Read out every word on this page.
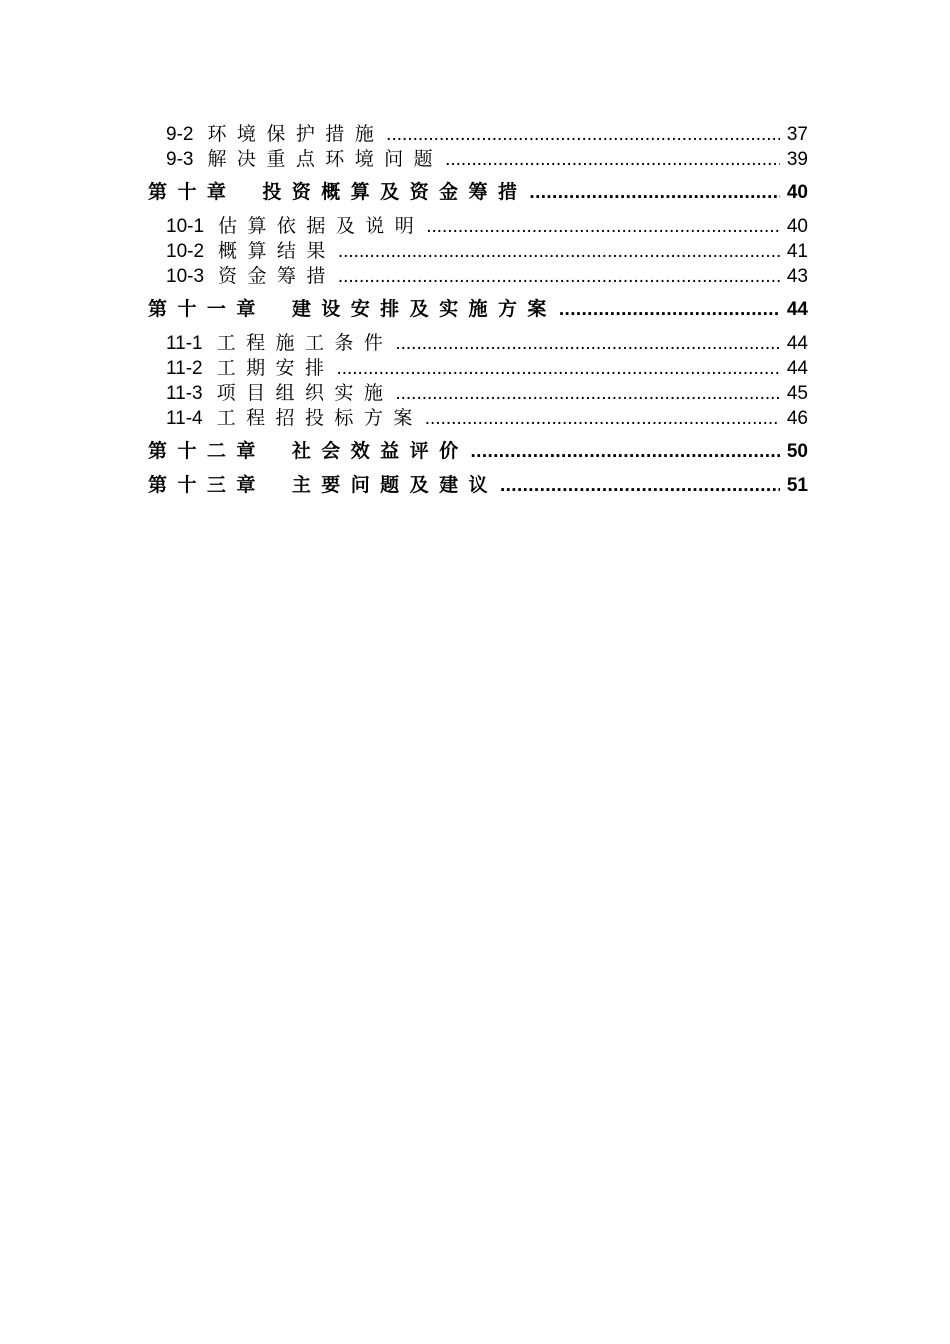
9-2 环境保护措施 .....	37
9-3 解决重点环境问题 .....	39
第十章 投资概算及资金筹措 .....	40
10-1 估算依据及说明 .....	40
10-2 概算结果 .....	41
10-3 资金筹措 .....	43
第十一章 建设安排及实施方案 .....	44
11-1 工程施工条件 .....	44
11-2 工期安排 .....	44
11-3 项目组织实施 .....	45
11-4 工程招投标方案 .....	46
第十二章 社会效益评价 .....	50
第十三章 主要问题及建议 .....	51
